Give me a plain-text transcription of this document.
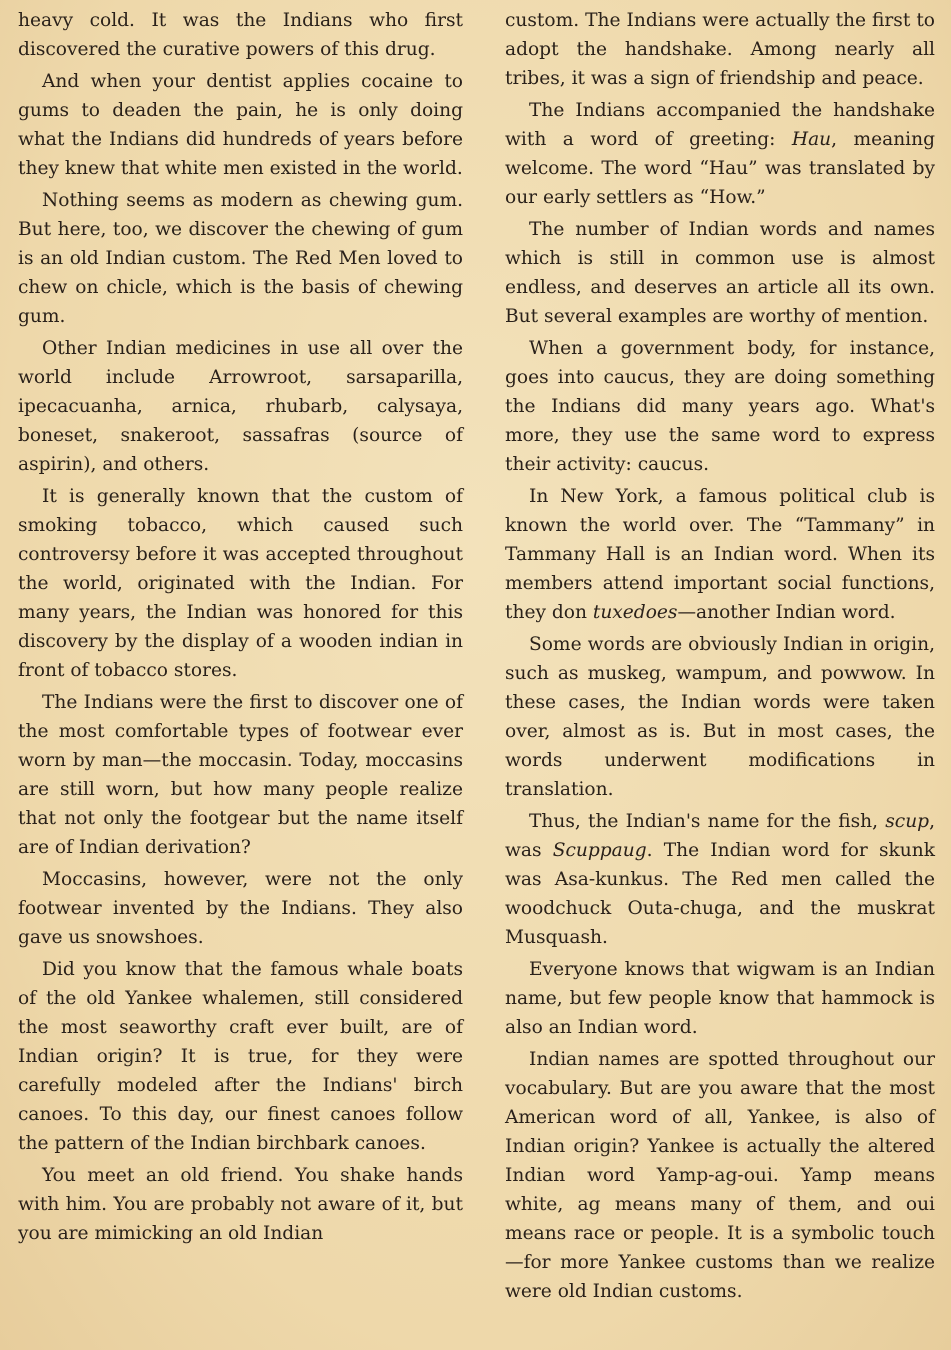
heavy cold. It was the Indians who first discovered the curative powers of this drug.

And when your dentist applies cocaine to gums to deaden the pain, he is only doing what the Indians did hundreds of years before they knew that white men existed in the world.

Nothing seems as modern as chewing gum. But here, too, we discover the chewing of gum is an old Indian custom. The Red Men loved to chew on chicle, which is the basis of chewing gum.

Other Indian medicines in use all over the world include Arrowroot, sarsaparilla, ipecacuanha, arnica, rhubarb, calysaya, boneset, snakeroot, sassafras (source of aspirin), and others.

It is generally known that the custom of smoking tobacco, which caused such controversy before it was accepted throughout the world, originated with the Indian. For many years, the Indian was honored for this discovery by the display of a wooden indian in front of tobacco stores.

The Indians were the first to discover one of the most comfortable types of footwear ever worn by man—the moccasin. Today, moccasins are still worn, but how many people realize that not only the footgear but the name itself are of Indian derivation?

Moccasins, however, were not the only footwear invented by the Indians. They also gave us snowshoes.

Did you know that the famous whale boats of the old Yankee whalemen, still considered the most seaworthy craft ever built, are of Indian origin? It is true, for they were carefully modeled after the Indians' birch canoes. To this day, our finest canoes follow the pattern of the Indian birchbark canoes.

You meet an old friend. You shake hands with him. You are probably not aware of it, but you are mimicking an old Indian

custom. The Indians were actually the first to adopt the handshake. Among nearly all tribes, it was a sign of friendship and peace.

The Indians accompanied the handshake with a word of greeting: Hau, meaning welcome. The word “Hau” was translated by our early settlers as “How.”

The number of Indian words and names which is still in common use is almost endless, and deserves an article all its own. But several examples are worthy of mention.

When a government body, for instance, goes into caucus, they are doing something the Indians did many years ago. What's more, they use the same word to express their activity: caucus.

In New York, a famous political club is known the world over. The “Tammany” in Tammany Hall is an Indian word. When its members attend important social functions, they don tuxedoes—another Indian word.

Some words are obviously Indian in origin, such as muskeg, wampum, and powwow. In these cases, the Indian words were taken over, almost as is. But in most cases, the words underwent modifications in translation.

Thus, the Indian's name for the fish, scup, was Scuppaug. The Indian word for skunk was Asa-kunkus. The Red men called the woodchuck Outa-chuga, and the muskrat Musquash.

Everyone knows that wigwam is an Indian name, but few people know that hammock is also an Indian word.

Indian names are spotted throughout our vocabulary. But are you aware that the most American word of all, Yankee, is also of Indian origin? Yankee is actually the altered Indian word Yamp-ag-oui. Yamp means white, ag means many of them, and oui means race or people. It is a symbolic touch—for more Yankee customs than we realize were old Indian customs.
